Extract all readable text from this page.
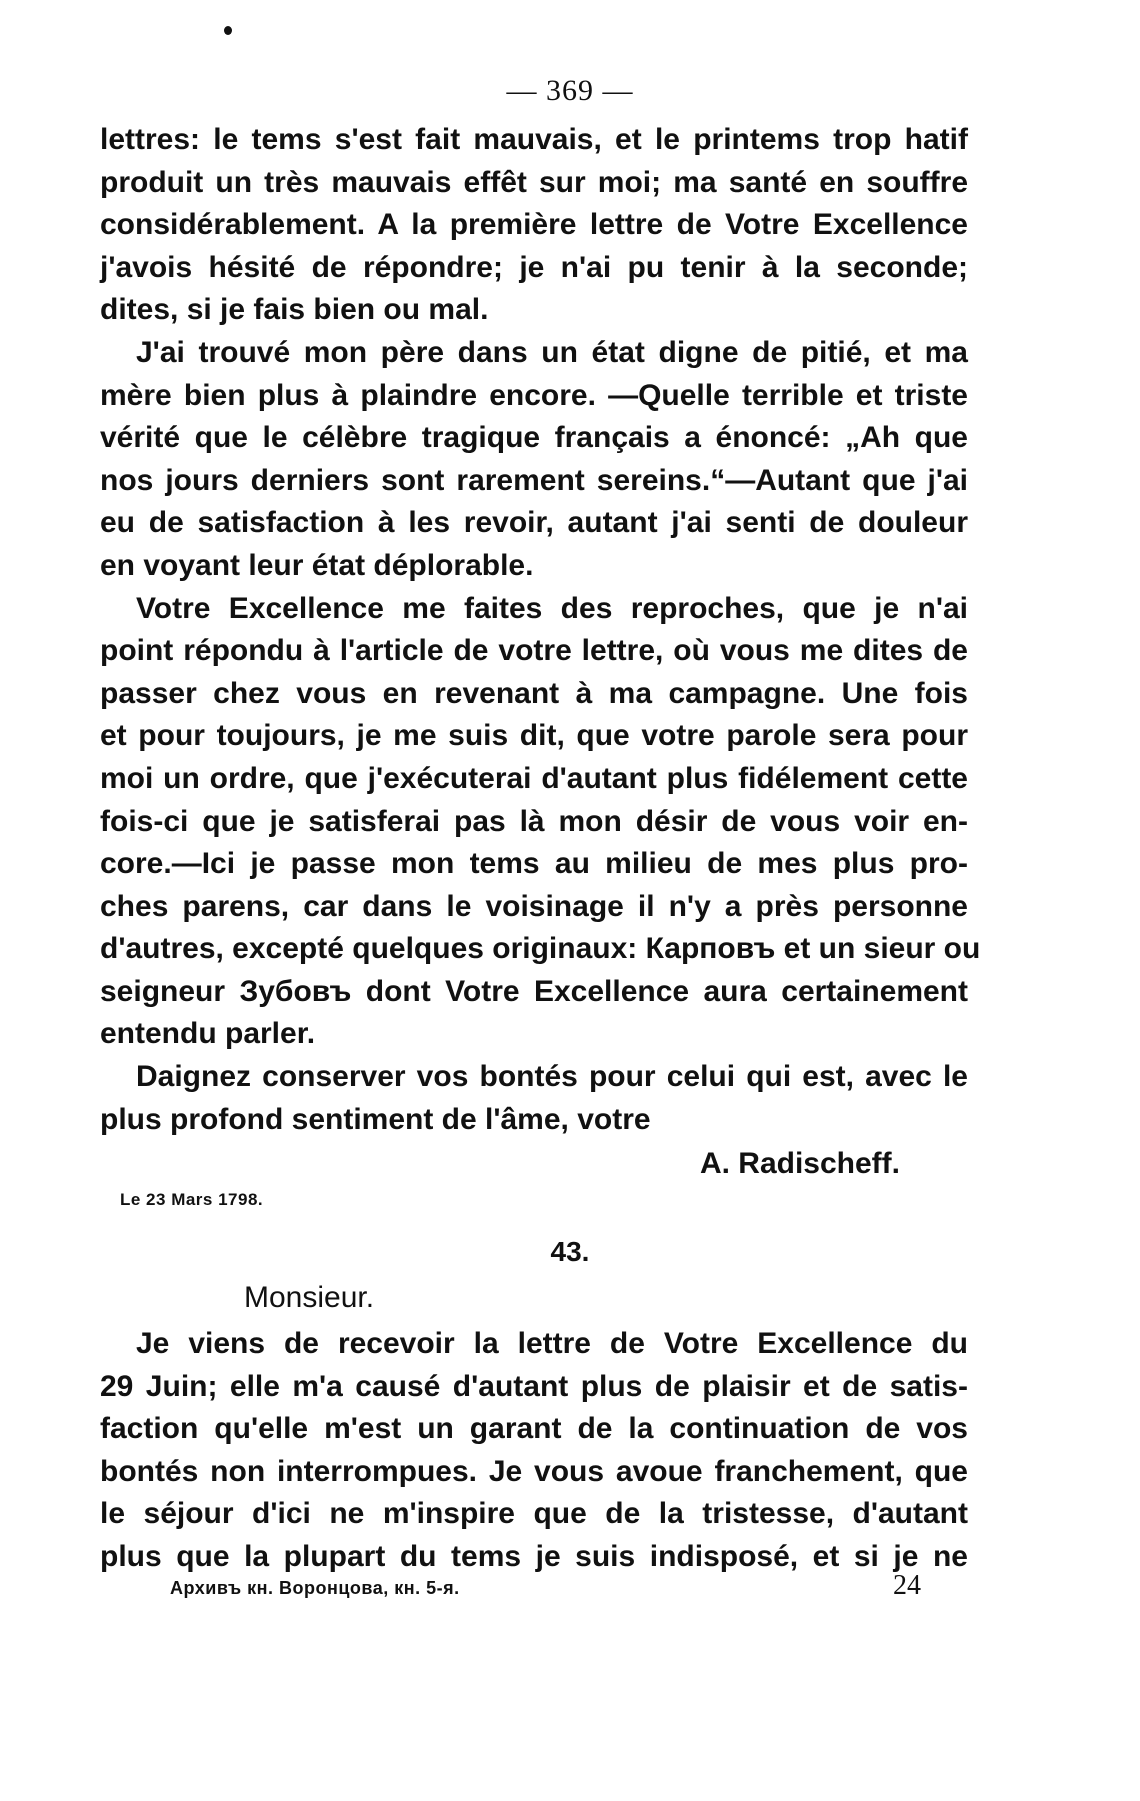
— 369 —
lettres: le tems s'est fait mauvais, et le printems trop hatif
produit un très mauvais effêt sur moi; ma santé en souffre
considérablement. A la première lettre de Votre Excellence
j'avois hésité de répondre; je n'ai pu tenir à la seconde;
dites, si je fais bien ou mal.
J'ai trouvé mon père dans un état digne de pitié, et ma
mère bien plus à plaindre encore. —Quelle terrible et triste
vérité que le célèbre tragique français a énoncé: „Ah que
nos jours derniers sont rarement sereins.“—Autant que j'ai
eu de satisfaction à les revoir, autant j'ai senti de douleur
en voyant leur état déplorable.
Votre Excellence me faites des reproches, que je n'ai
point répondu à l'article de votre lettre, où vous me dites de
passer chez vous en revenant à ma campagne. Une fois
et pour toujours, je me suis dit, que votre parole sera pour
moi un ordre, que j'exécuterai d'autant plus fidélement cette
fois-ci que je satisferai pas là mon désir de vous voir en-
core.—Ici je passe mon tems au milieu de mes plus pro-
ches parens, car dans le voisinage il n'y a près personne
d'autres, excepté quelques originaux: Карповъ et un sieur ou
seigneur Зубовъ dont Votre Excellence aura certainement
entendu parler.
Daignez conserver vos bontés pour celui qui est, avec le
plus profond sentiment de l'âme, votre
A. Radischeff.
Le 23 Mars 1798.
43.
Monsieur.
Je viens de recevoir la lettre de Votre Excellence du
29 Juin; elle m'a causé d'autant plus de plaisir et de satis-
faction qu'elle m'est un garant de la continuation de vos
bontés non interrompues. Je vous avoue franchement, que
le séjour d'ici ne m'inspire que de la tristesse, d'autant
plus que la plupart du tems je suis indisposé, et si je ne
Архивъ кн. Воронцова, кн. 5-я.	24
